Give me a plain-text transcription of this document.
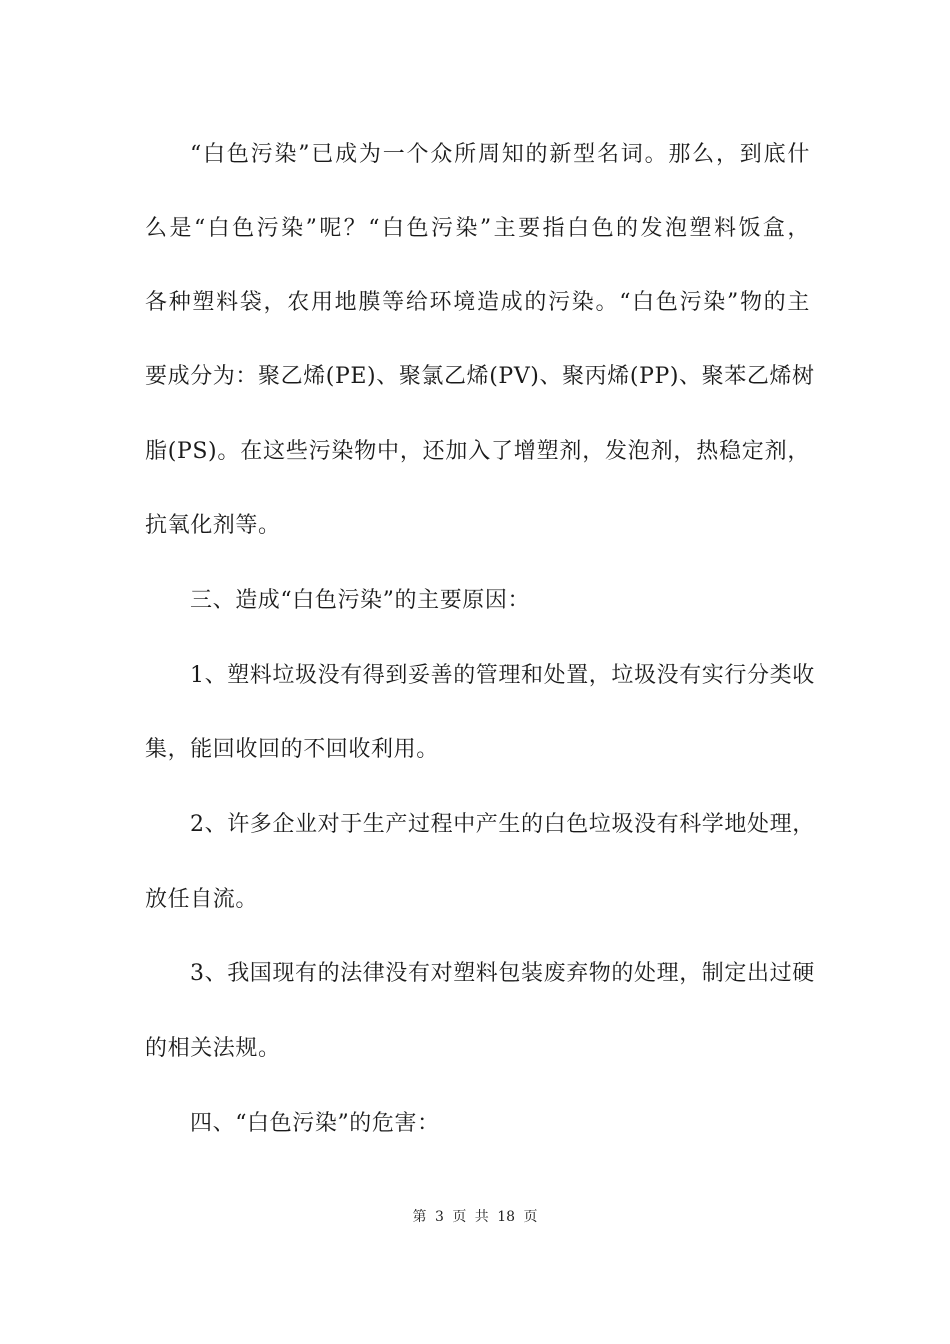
“白色污染”已成为一个众所周知的新型名词。那么，到底什
么是“白色污染”呢？“白色污染”主要指白色的发泡塑料饭盒，
各种塑料袋，农用地膜等给环境造成的污染。“白色污染”物的主
要成分为：聚乙烯(PE)、聚氯乙烯(PV)、聚丙烯(PP)、聚苯乙烯树
脂(PS)。在这些污染物中，还加入了增塑剂，发泡剂，热稳定剂，
抗氧化剂等。
三、造成“白色污染”的主要原因：
1、塑料垃圾没有得到妥善的管理和处置，垃圾没有实行分类收
集，能回收回的不回收利用。
2、许多企业对于生产过程中产生的白色垃圾没有科学地处理，
放任自流。
3、我国现有的法律没有对塑料包装废弃物的处理，制定出过硬
的相关法规。
四、“白色污染”的危害：
第 3 页 共 18 页
